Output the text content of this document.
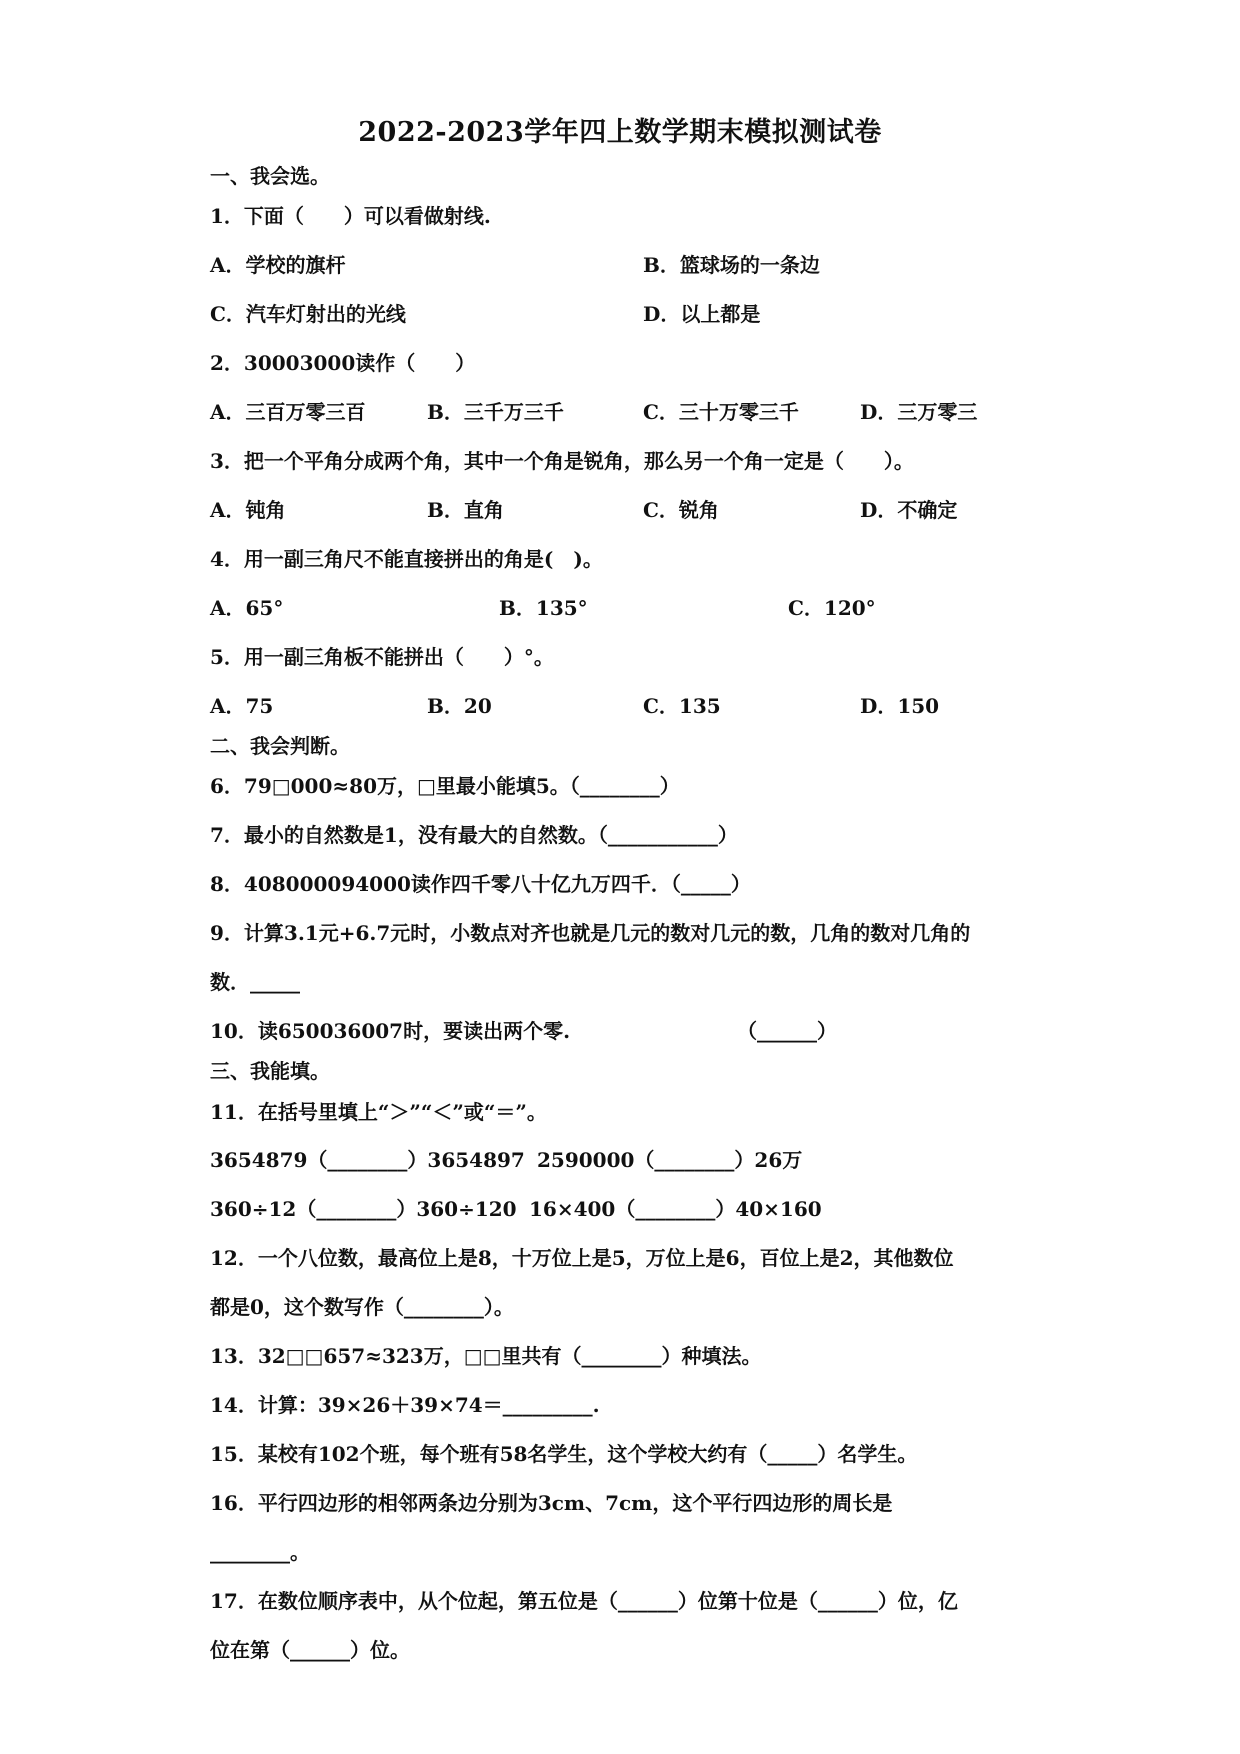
2022-2023学年四上数学期末模拟测试卷
一、我会选。
1．下面（　　）可以看做射线.
A．学校的旗杆	B．篮球场的一条边
C．汽车灯射出的光线	D．以上都是
2．30003000读作（　　）
A．三百万零三百	B．三千万三千	C．三十万零三千	D．三万零三
3．把一个平角分成两个角，其中一个角是锐角，那么另一个角一定是（　　）。
A．钝角	B．直角	C．锐角	D．不确定
4．用一副三角尺不能直接拼出的角是(　)。
A．65°	B．135°	C．120°
5．用一副三角板不能拼出（　　）°。
A．75	B．20	C．135	D．150
二、我会判断。
6．79□000≈80万，□里最小能填5。（________）
7．最小的自然数是1，没有最大的自然数。（___________）
8．408000094000读作四千零八十亿九万四千．（_____）
9．计算3.1元+6.7元时，小数点对齐也就是几元的数对几元的数，几角的数对几角的
数．_____
10．读650036007时，要读出两个零.	（______）
三、我能填。
11．在括号里填上“＞”“＜”或“＝”。
3654879（________）3654897 2590000（________）26万
360÷12（________）360÷120 16×400（________）40×160
12．一个八位数，最高位上是8，十万位上是5，万位上是6，百位上是2，其他数位
都是0，这个数写作（________）。
13．32□□657≈323万，□□里共有（________）种填法。
14．计算：39×26＋39×74＝_________.
15．某校有102个班，每个班有58名学生，这个学校大约有（_____）名学生。
16．平行四边形的相邻两条边分别为3cm、7cm，这个平行四边形的周长是
________。
17．在数位顺序表中，从个位起，第五位是（______）位第十位是（______）位，亿
位在第（______）位。
